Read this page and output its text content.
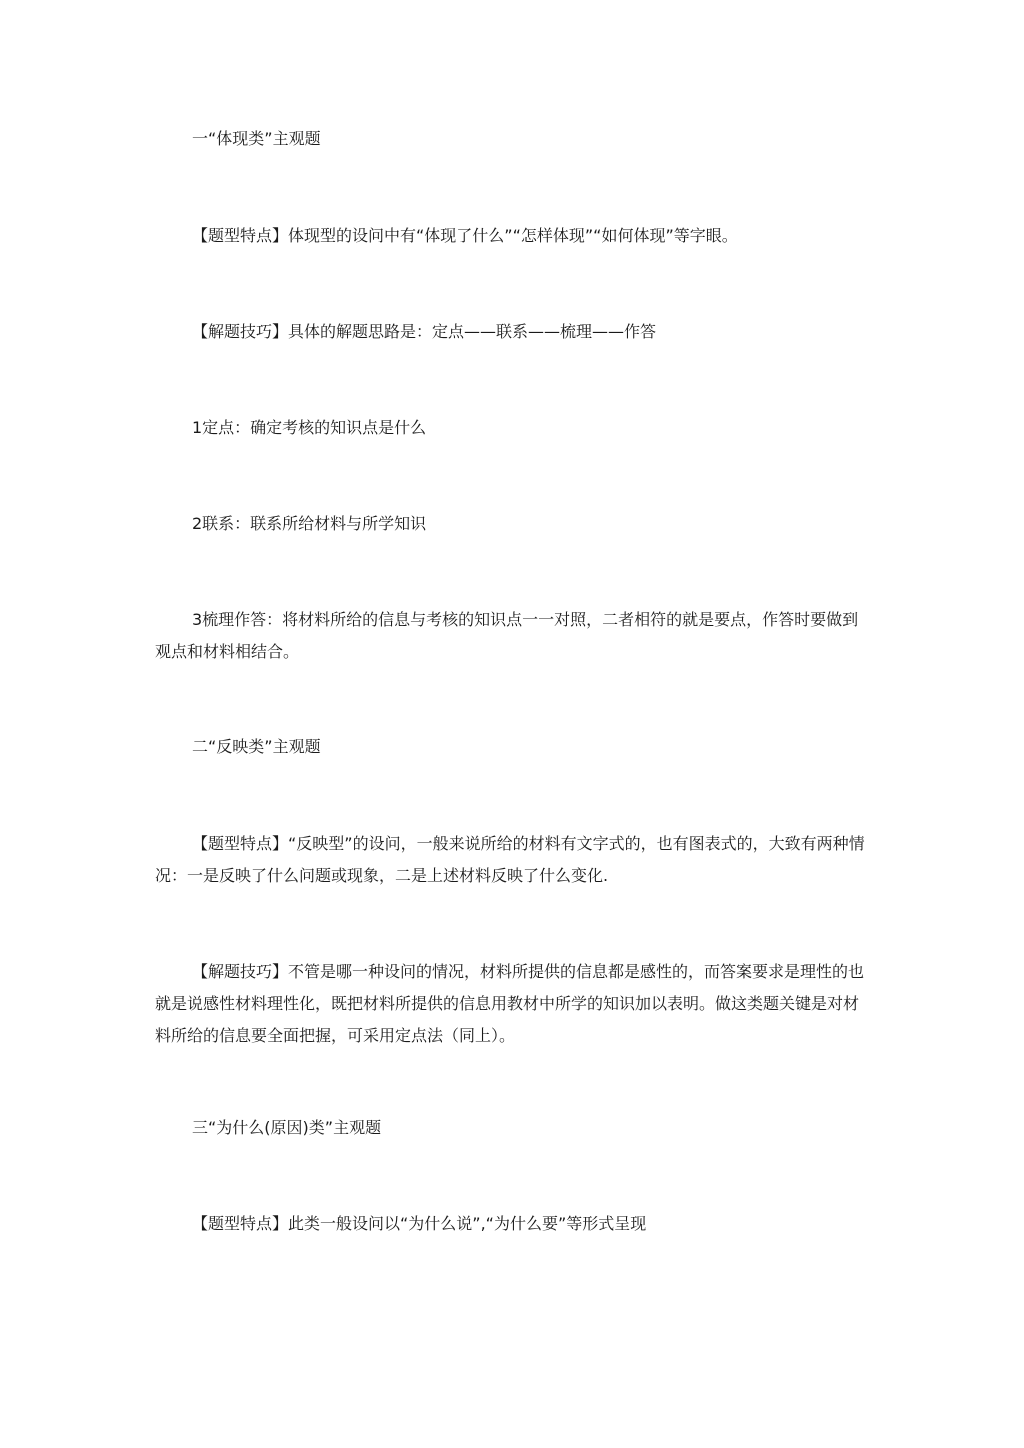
一“体现类”主观题

【题型特点】体现型的设问中有“体现了什么”“怎样体现”“如何体现”等字眼。

【解题技巧】具体的解题思路是：定点——联系——梳理——作答

1定点：确定考核的知识点是什么

2联系：联系所给材料与所学知识

3梳理作答：将材料所给的信息与考核的知识点一一对照，二者相符的就是要点，作答时要做到观点和材料相结合。

二“反映类”主观题

【题型特点】“反映型”的设问，一般来说所给的材料有文字式的，也有图表式的，大致有两种情况：一是反映了什么问题或现象，二是上述材料反映了什么变化.

【解题技巧】不管是哪一种设问的情况，材料所提供的信息都是感性的，而答案要求是理性的也就是说感性材料理性化，既把材料所提供的信息用教材中所学的知识加以表明。做这类题关键是对材料所给的信息要全面把握，可采用定点法（同上）。

三“为什么(原因)类”主观题

【题型特点】此类一般设问以“为什么说”,“为什么要”等形式呈现
